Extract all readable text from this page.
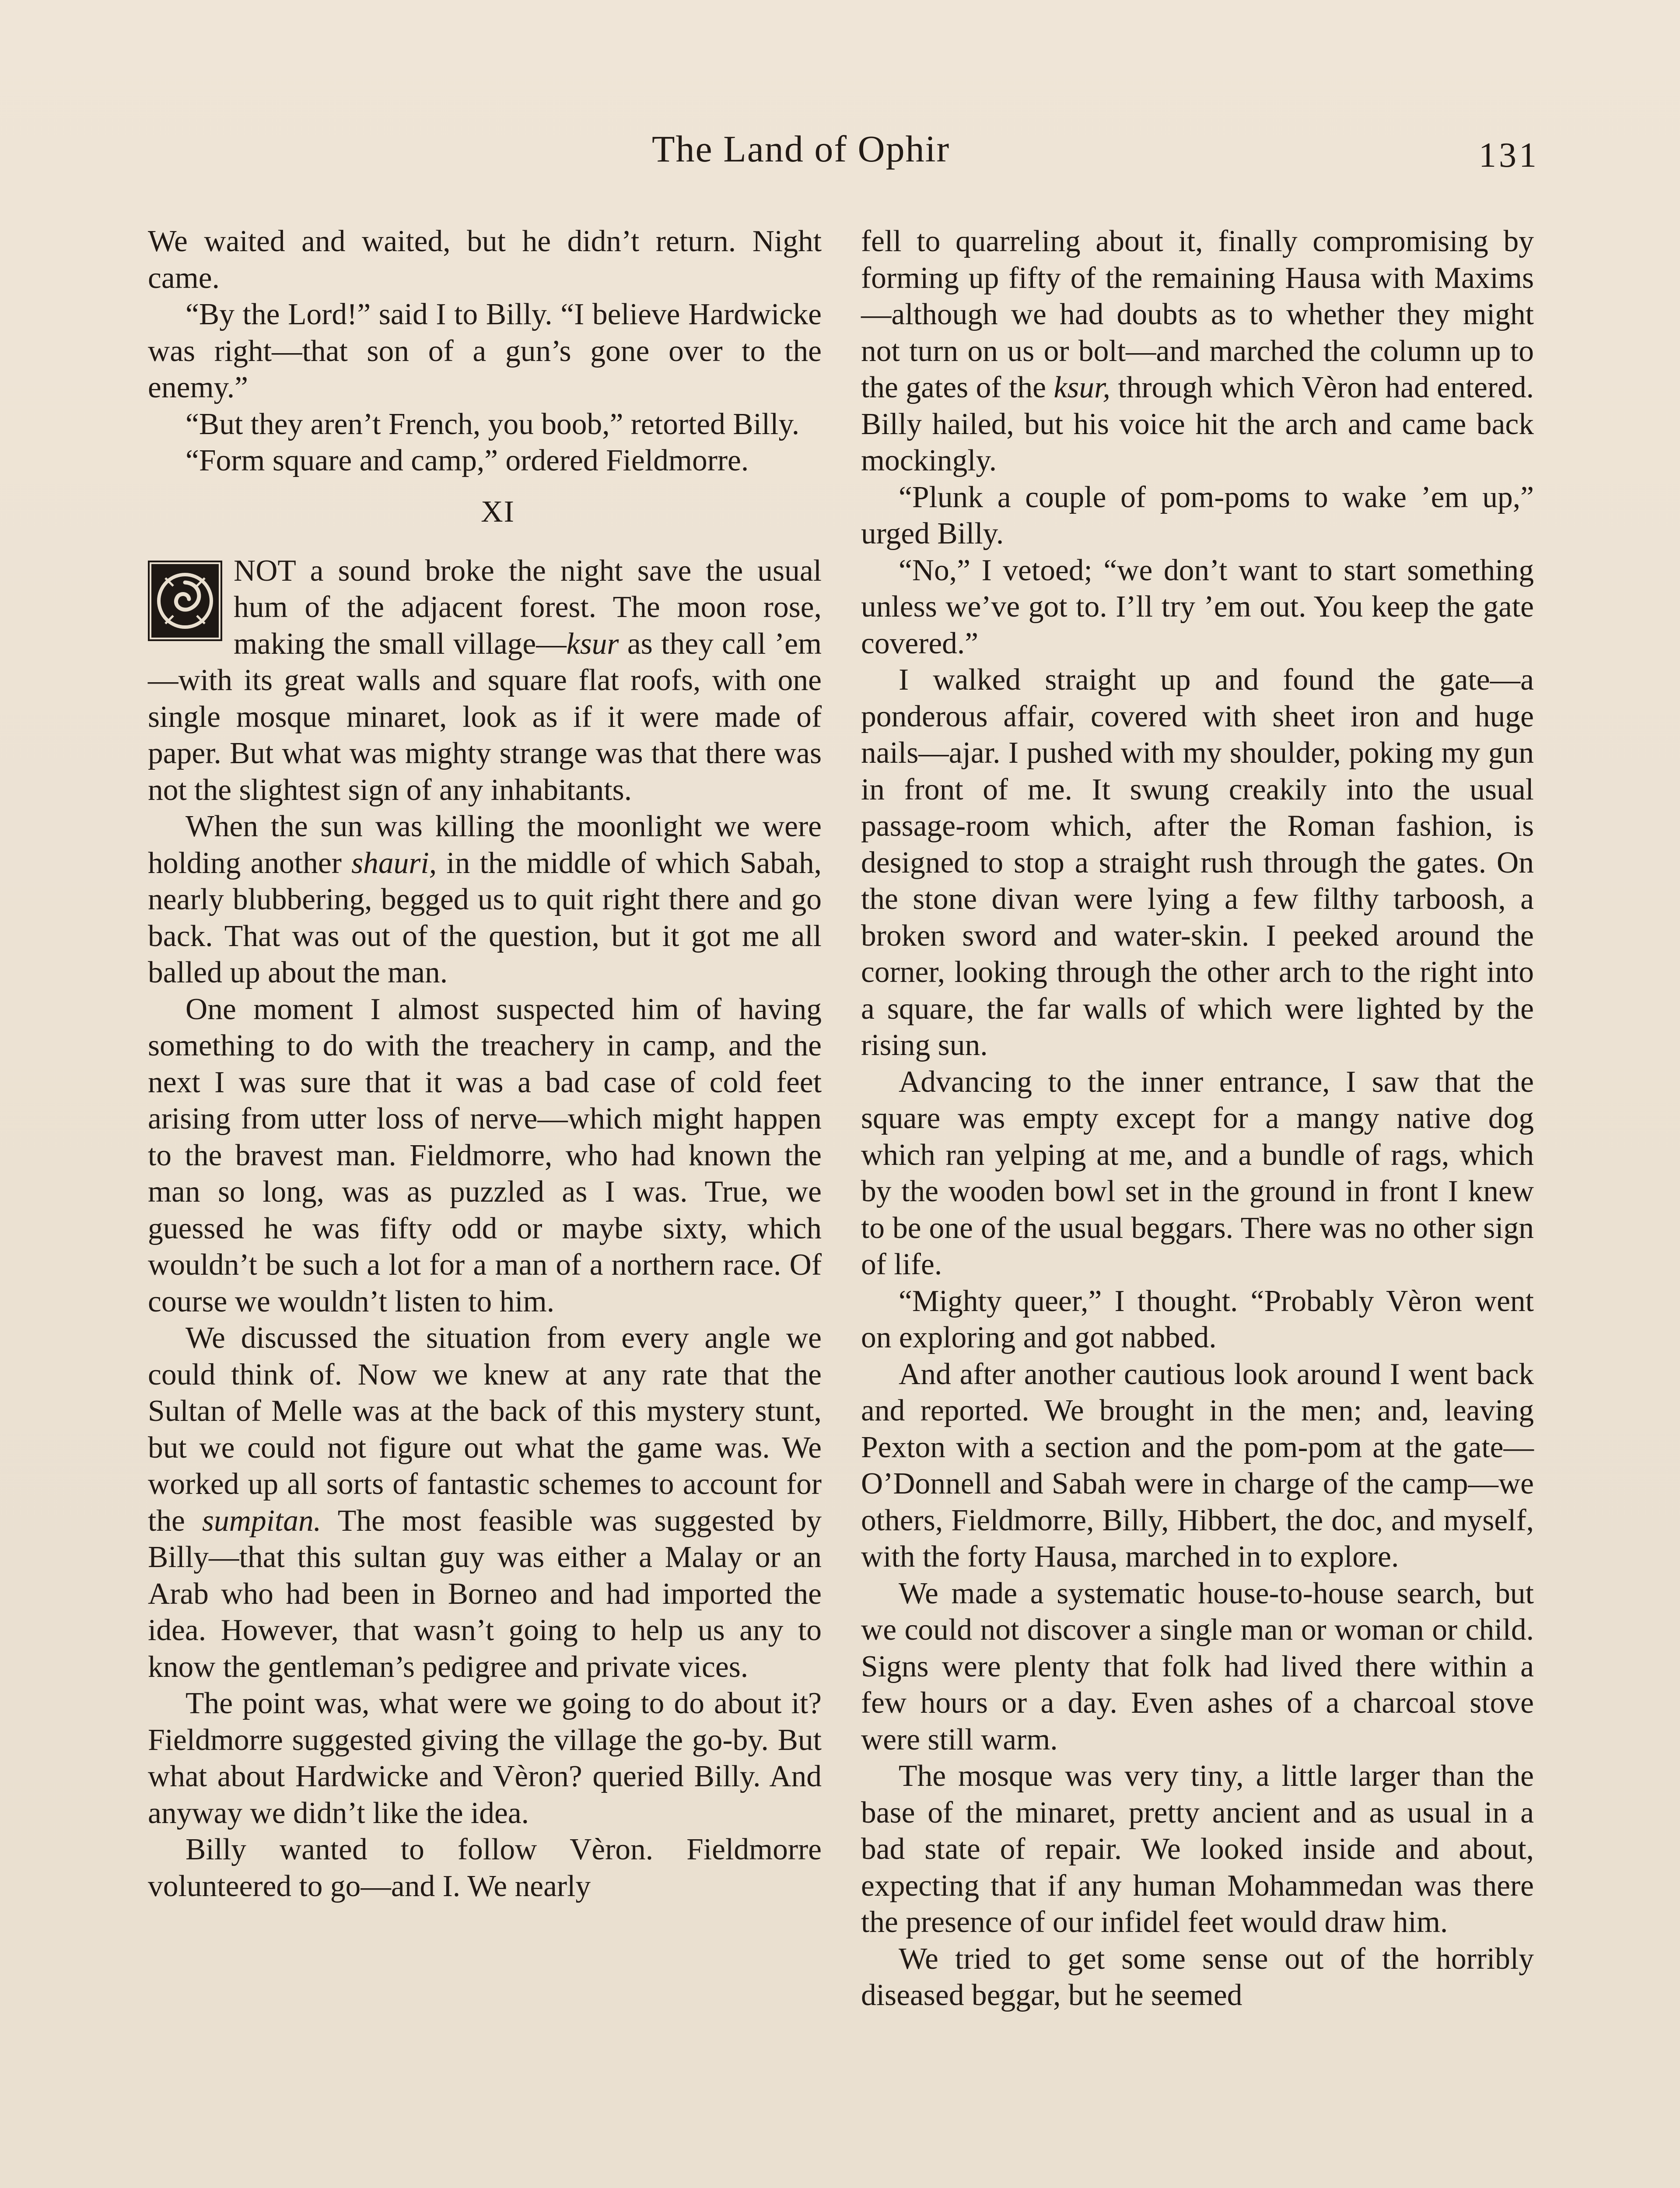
The Land of Ophir	131

We waited and waited, but he didn’t return. Night came.

“By the Lord!” said I to Billy. “I believe Hardwicke was right—that son of a gun’s gone over to the enemy.”

“But they aren’t French, you boob,” retorted Billy.

“Form square and camp,” ordered Fieldmorre.

XI

NOT a sound broke the night save the usual hum of the adjacent forest. The moon rose, making the small village—ksur as they call ’em—with its great walls and square flat roofs, with one single mosque minaret, look as if it were made of paper. But what was mighty strange was that there was not the slightest sign of any inhabitants.

When the sun was killing the moonlight we were holding another shauri, in the middle of which Sabah, nearly blubbering, begged us to quit right there and go back. That was out of the question, but it got me all balled up about the man.

One moment I almost suspected him of having something to do with the treachery in camp, and the next I was sure that it was a bad case of cold feet arising from utter loss of nerve—which might happen to the bravest man. Fieldmorre, who had known the man so long, was as puzzled as I was. True, we guessed he was fifty odd or maybe sixty, which wouldn’t be such a lot for a man of a northern race. Of course we wouldn’t listen to him.

We discussed the situation from every angle we could think of. Now we knew at any rate that the Sultan of Melle was at the back of this mystery stunt, but we could not figure out what the game was. We worked up all sorts of fantastic schemes to account for the sumpitan. The most feasible was suggested by Billy—that this sultan guy was either a Malay or an Arab who had been in Borneo and had imported the idea. However, that wasn’t going to help us any to know the gentleman’s pedigree and private vices.

The point was, what were we going to do about it? Fieldmorre suggested giving the village the go-by. But what about Hardwicke and Vèron? queried Billy. And anyway we didn’t like the idea.

Billy wanted to follow Vèron. Fieldmorre volunteered to go—and I. We nearly

fell to quarreling about it, finally compromising by forming up fifty of the remaining Hausa with Maxims—although we had doubts as to whether they might not turn on us or bolt—and marched the column up to the gates of the ksur, through which Vèron had entered. Billy hailed, but his voice hit the arch and came back mockingly.

“Plunk a couple of pom-poms to wake ’em up,” urged Billy.

“No,” I vetoed; “we don’t want to start something unless we’ve got to. I’ll try ’em out. You keep the gate covered.”

I walked straight up and found the gate—a ponderous affair, covered with sheet iron and huge nails—ajar. I pushed with my shoulder, poking my gun in front of me. It swung creakily into the usual passage-room which, after the Roman fashion, is designed to stop a straight rush through the gates. On the stone divan were lying a few filthy tarboosh, a broken sword and water-skin. I peeked around the corner, looking through the other arch to the right into a square, the far walls of which were lighted by the rising sun.

Advancing to the inner entrance, I saw that the square was empty except for a mangy native dog which ran yelping at me, and a bundle of rags, which by the wooden bowl set in the ground in front I knew to be one of the usual beggars. There was no other sign of life.

“Mighty queer,” I thought. “Probably Vèron went on exploring and got nabbed.

And after another cautious look around I went back and reported. We brought in the men; and, leaving Pexton with a section and the pom-pom at the gate—O’Donnell and Sabah were in charge of the camp—we others, Fieldmorre, Billy, Hibbert, the doc, and myself, with the forty Hausa, marched in to explore.

We made a systematic house-to-house search, but we could not discover a single man or woman or child. Signs were plenty that folk had lived there within a few hours or a day. Even ashes of a charcoal stove were still warm.

The mosque was very tiny, a little larger than the base of the minaret, pretty ancient and as usual in a bad state of repair. We looked inside and about, expecting that if any human Mohammedan was there the presence of our infidel feet would draw him.

We tried to get some sense out of the horribly diseased beggar, but he seemed
